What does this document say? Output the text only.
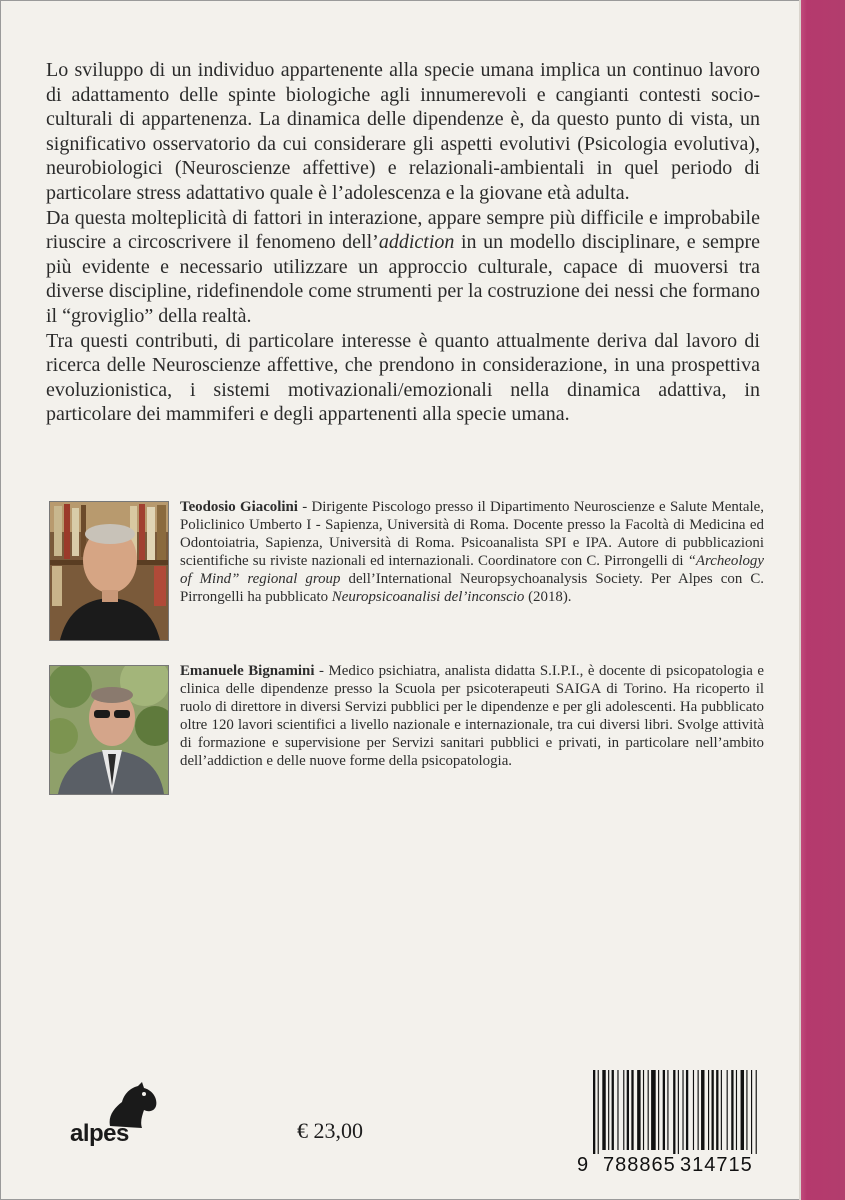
Lo sviluppo di un individuo appartenente alla specie umana implica un continuo lavoro di adattamento delle spinte biologiche agli innumerevoli e cangianti contesti socio-culturali di appartenenza. La dinamica delle dipendenze è, da questo punto di vista, un significativo osservatorio da cui considerare gli aspetti evolutivi (Psicologia evolutiva), neurobiologici (Neuroscienze affettive) e relazionali-ambientali in quel periodo di particolare stress adattativo quale è l’adolescenza e la giovane età adulta.

Da questa molteplicità di fattori in interazione, appare sempre più difficile e improbabile riuscire a circoscrivere il fenomeno dell’addiction in un modello disciplinare, e sempre più evidente e necessario utilizzare un approccio culturale, capace di muoversi tra diverse discipline, ridefinendole come strumenti per la costruzione dei nessi che formano il “groviglio” della realtà.

Tra questi contributi, di particolare interesse è quanto attualmente deriva dal lavoro di ricerca delle Neuroscienze affettive, che prendono in considerazione, in una prospettiva evoluzionistica, i sistemi motivazionali/emozionali nella dinamica adattiva, in particolare dei mammiferi e degli appartenenti alla specie umana.

Teodosio Giacolini - Dirigente Piscologo presso il Dipartimento Neuroscienze e Salute Mentale, Policlinico Umberto I - Sapienza, Università di Roma. Docente presso la Facoltà di Medicina ed Odontoiatria, Sapienza, Università di Roma. Psicoanalista SPI e IPA. Autore di pubblicazioni scientifiche su riviste nazionali ed internazionali. Coordinatore con C. Pirrongelli di “Archeology of Mind” regional group dell’International Neuropsychoanalysis Society. Per Alpes con C. Pirrongelli ha pubblicato Neuropsicoanalisi del’inconscio (2018).
Emanuele Bignamini - Medico psichiatra, analista didatta S.I.P.I., è docente di psicopatologia e clinica delle dipendenze presso la Scuola per psicoterapeuti SAIGA di Torino. Ha ricoperto il ruolo di direttore in diversi Servizi pubblici per le dipendenze e per gli adolescenti. Ha pubblicato oltre 120 lavori scientifici a livello nazionale e internazionale, tra cui diversi libri. Svolge attività di formazione e supervisione per Servizi sanitari pubblici e privati, in particolare nell’ambito dell’addiction e delle nuove forme della psicopatologia.
alpes	€ 23,00
9 788865 314715
